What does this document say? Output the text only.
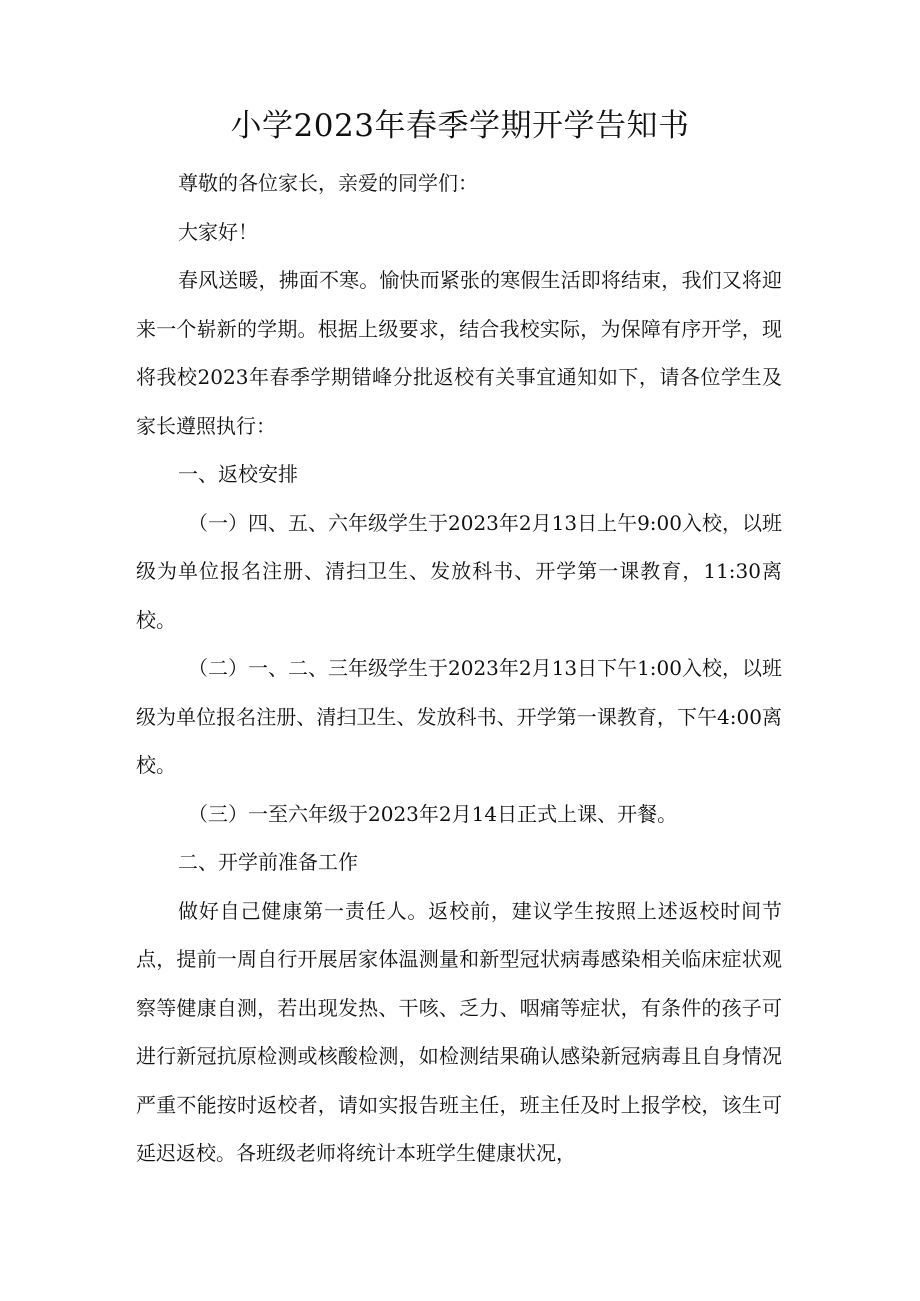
小学2023年春季学期开学告知书

尊敬的各位家长，亲爱的同学们：

大家好！

春风送暖，拂面不寒。愉快而紧张的寒假生活即将结束，我们又将迎来一个崭新的学期。根据上级要求，结合我校实际，为保障有序开学，现将我校2023年春季学期错峰分批返校有关事宜通知如下，请各位学生及家长遵照执行：

一、返校安排

（一）四、五、六年级学生于2023年2月13日上午9:00入校，以班级为单位报名注册、清扫卫生、发放科书、开学第一课教育，11:30离校。

（二）一、二、三年级学生于2023年2月13日下午1:00入校，以班级为单位报名注册、清扫卫生、发放科书、开学第一课教育，下午4:00离校。

（三）一至六年级于2023年2月14日正式上课、开餐。

二、开学前准备工作

做好自己健康第一责任人。返校前，建议学生按照上述返校时间节点，提前一周自行开展居家体温测量和新型冠状病毒感染相关临床症状观察等健康自测，若出现发热、干咳、乏力、咽痛等症状，有条件的孩子可进行新冠抗原检测或核酸检测，如检测结果确认感染新冠病毒且自身情况严重不能按时返校者，请如实报告班主任，班主任及时上报学校，该生可延迟返校。各班级老师将统计本班学生健康状况，
